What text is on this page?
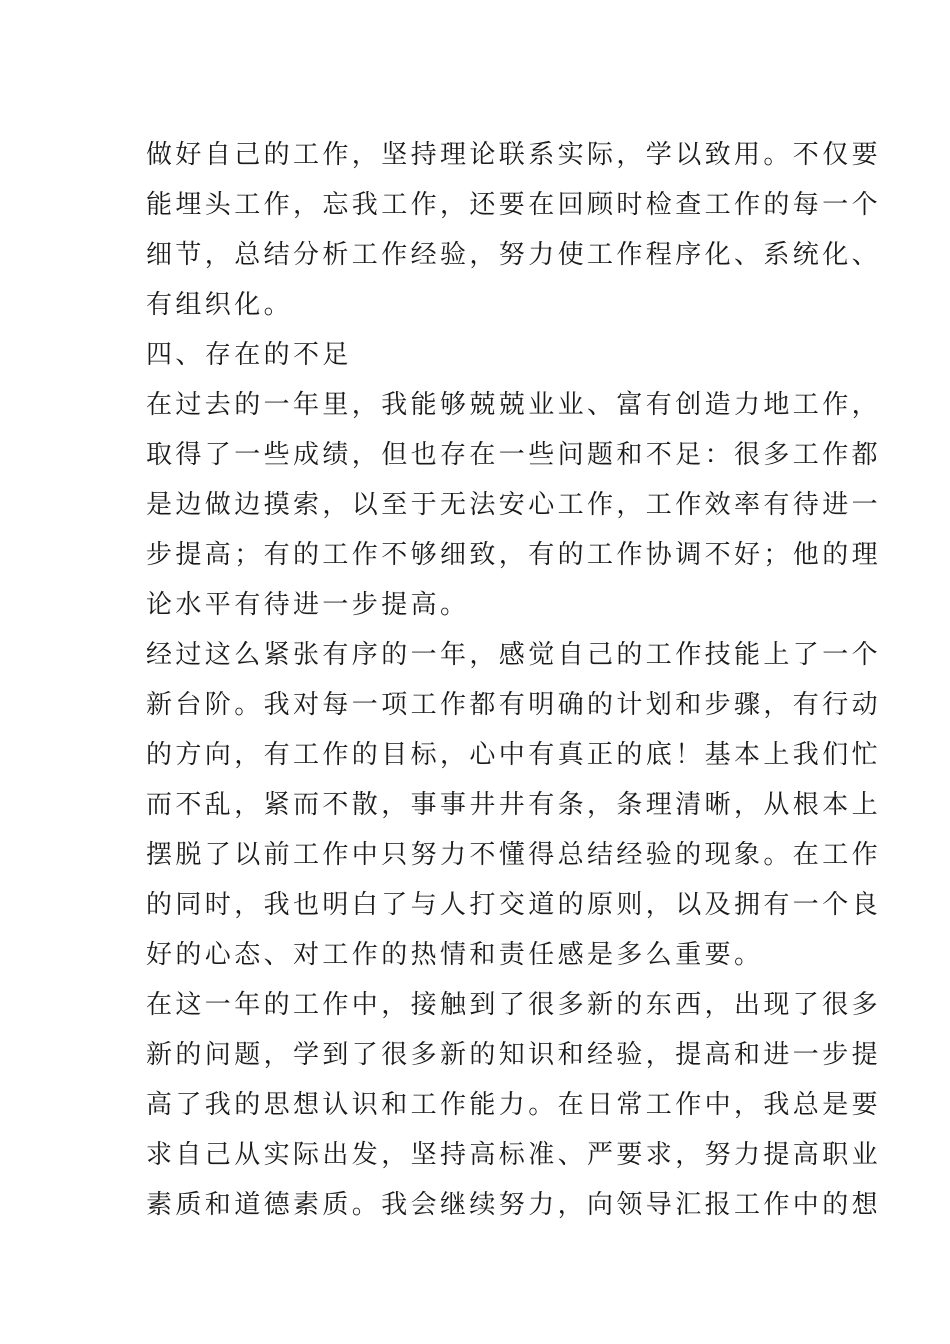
做好自己的工作，坚持理论联系实际，学以致用。不仅要
能埋头工作，忘我工作，还要在回顾时检查工作的每一个
细节，总结分析工作经验，努力使工作程序化、系统化、
有组织化。
四、存在的不足
在过去的一年里，我能够兢兢业业、富有创造力地工作，
取得了一些成绩，但也存在一些问题和不足：很多工作都
是边做边摸索，以至于无法安心工作，工作效率有待进一
步提高；有的工作不够细致，有的工作协调不好；他的理
论水平有待进一步提高。
经过这么紧张有序的一年，感觉自己的工作技能上了一个
新台阶。我对每一项工作都有明确的计划和步骤，有行动
的方向，有工作的目标，心中有真正的底！基本上我们忙
而不乱，紧而不散，事事井井有条，条理清晰，从根本上
摆脱了以前工作中只努力不懂得总结经验的现象。在工作
的同时，我也明白了与人打交道的原则，以及拥有一个良
好的心态、对工作的热情和责任感是多么重要。
在这一年的工作中，接触到了很多新的东西，出现了很多
新的问题，学到了很多新的知识和经验，提高和进一步提
高了我的思想认识和工作能力。在日常工作中，我总是要
求自己从实际出发，坚持高标准、严要求，努力提高职业
素质和道德素质。我会继续努力，向领导汇报工作中的想
